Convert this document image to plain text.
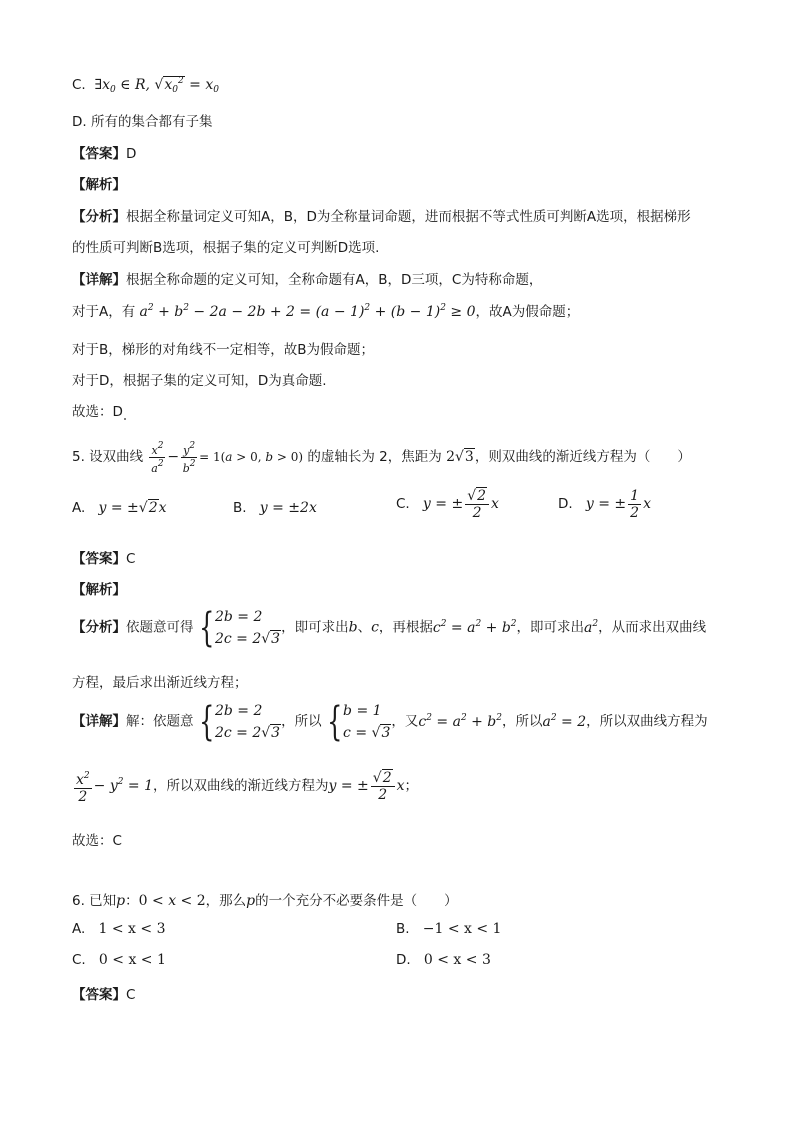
C.  $\exists x_0$ ∈ R, $√x_0^2 = x_0$
D. 所有的集合都有子集
【答案】D
【解析】
【分析】根据全称量词定义可知A，B，D为全称量词命题，进而根据不等式性质可判断A选项，根据梯形
的性质可判断B选项，根据子集的定义可判断D选项.
【详解】根据全称命题的定义可知，全称命题有A，B，D三项，C为特称命题，
对于A，有 $a^2 + b^2 - 2a - 2b + 2 = (a - 1)^2 + (b - 1)^2 \ge 0$，故A为假命题；
对于B，梯形的对角线不一定相等，故B为假命题；
对于D，根据子集的定义可知，D为真命题.
故选：D
5. 设双曲线 $\frac{x^2}{a^2} - \frac{y^2}{b^2} = 1(a > 0$, b > 0) 的虚轴长为 2，焦距为 2√3，则双曲线的渐近线方程为（　　）
A.   y = ±√2x	B.   y = ±2x	C.   y = ± $\frac{√2}{2}$ x	D.   y = ± $\frac{1}{2}$ x
【答案】C
【解析】
【分析】依题意可得 { 2b = 2
2c = 2√3
，即可求出b、c，再根据$c^2 = a^2 + b^2$，即可求出$a^2$，从而求出双曲线
方程，最后求出渐近线方程；
【详解】解：依题意 { 2b = 2
2c = 2√3
，所以 { b = 1
c = √3
，又$c^2 = a^2 + b^2$，所以$a^2 = 2$，所以双曲线方程为
$\frac{x^2}{2} - y^2 = 1$，所以双曲线的渐近线方程为y = ± $\frac{√2}{2}$ x；
故选：C
6. 已知p：0 < x < 2，那么p的一个充分不必要条件是（　　）
A. 1 < x < 3	B. −1 < x < 1
C. 0 < x < 1	D. 0 < x < 3
【答案】C
